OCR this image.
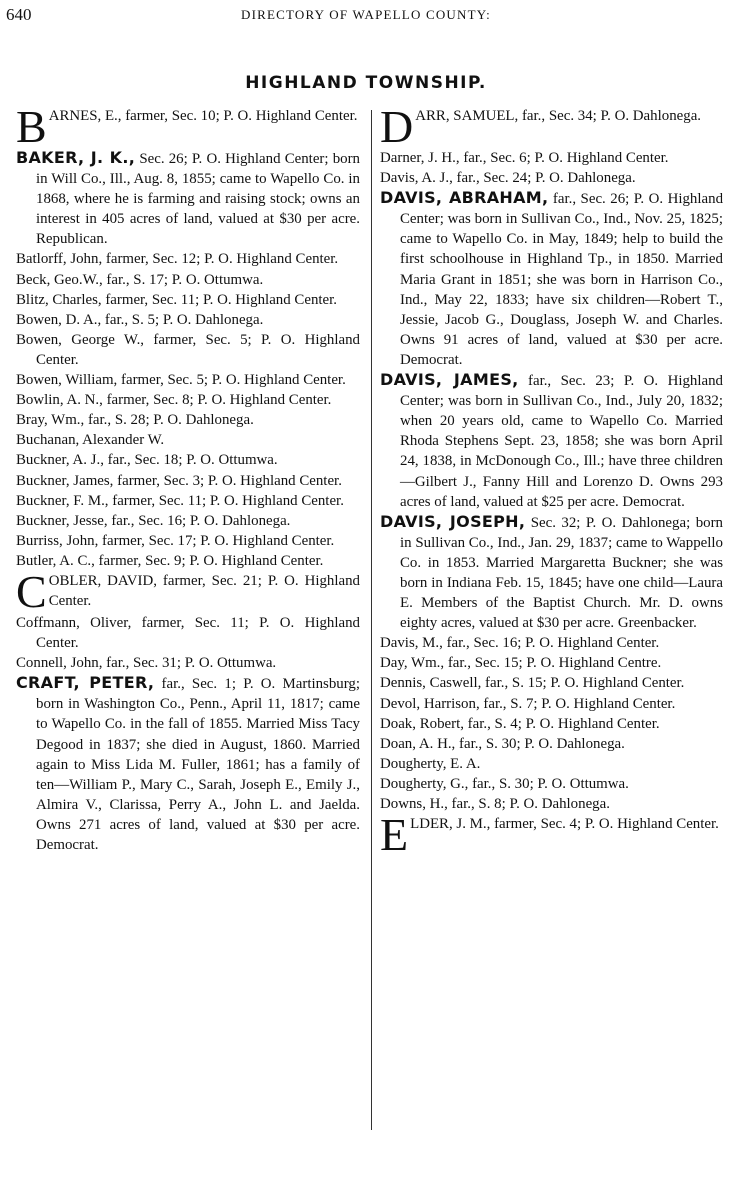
640	DIRECTORY OF WAPELLO COUNTY:
HIGHLAND TOWNSHIP.
B ARNES, E., farmer, Sec. 10; P. O. Highland Center.

BAKER, J. K., Sec. 26; P. O. Highland Center; born in Will Co., Ill., Aug. 8, 1855; came to Wapello Co. in 1868, where he is farming and raising stock; owns an interest in 405 acres of land, valued at $30 per acre. Republican.

Batlorff, John, farmer, Sec. 12; P. O. Highland Center.

Beck, Geo.W., far., S. 17; P. O. Ottumwa.

Blitz, Charles, farmer, Sec. 11; P. O. Highland Center.

Bowen, D. A., far., S. 5; P. O. Dahlonega.

Bowen, George W., farmer, Sec. 5; P. O. Highland Center.

Bowen, William, farmer, Sec. 5; P. O. Highland Center.

Bowlin, A. N., farmer, Sec. 8; P. O. Highland Center.

Bray, Wm., far., S. 28; P. O. Dahlonega.

Buchanan, Alexander W.

Buckner, A. J., far., Sec. 18; P. O. Ottumwa.

Buckner, James, farmer, Sec. 3; P. O. Highland Center.

Buckner, F. M., farmer, Sec. 11; P. O. Highland Center.

Buckner, Jesse, far., Sec. 16; P. O. Dahlonega.

Burriss, John, farmer, Sec. 17; P. O. Highland Center.

Butler, A. C., farmer, Sec. 9; P. O. Highland Center.

C OBLER, DAVID, farmer, Sec. 21; P. O. Highland Center.

Coffmann, Oliver, farmer, Sec. 11; P. O. Highland Center.

Connell, John, far., Sec. 31; P. O. Ottumwa.

CRAFT, PETER, far., Sec. 1; P. O. Martinsburg; born in Washington Co., Penn., April 11, 1817; came to Wapello Co. in the fall of 1855. Married Miss Tacy Degood in 1837; she died in August, 1860. Married again to Miss Lida M. Fuller, 1861; has a family of ten—William P., Mary C., Sarah, Joseph E., Emily J., Almira V., Clarissa, Perry A., John L. and Jaelda. Owns 271 acres of land, valued at $30 per acre. Democrat.

D ARR, SAMUEL, far., Sec. 34; P. O. Dahlonega.

Darner, J. H., far., Sec. 6; P. O. Highland Center.

Davis, A. J., far., Sec. 24; P. O. Dahlonega.

DAVIS, ABRAHAM, far., Sec. 26; P. O. Highland Center; was born in Sullivan Co., Ind., Nov. 25, 1825; came to Wapello Co. in May, 1849; help to build the first schoolhouse in Highland Tp., in 1850. Married Maria Grant in 1851; she was born in Harrison Co., Ind., May 22, 1833; have six children—Robert T., Jessie, Jacob G., Douglass, Joseph W. and Charles. Owns 91 acres of land, valued at $30 per acre. Democrat.

DAVIS, JAMES, far., Sec. 23; P. O. Highland Center; was born in Sullivan Co., Ind., July 20, 1832; when 20 years old, came to Wapello Co. Married Rhoda Stephens Sept. 23, 1858; she was born April 24, 1838, in McDonough Co., Ill.; have three children—Gilbert J., Fanny Hill and Lorenzo D. Owns 293 acres of land, valued at $25 per acre. Democrat.

DAVIS, JOSEPH, Sec. 32; P. O. Dahlonega; born in Sullivan Co., Ind., Jan. 29, 1837; came to Wappello Co. in 1853. Married Margaretta Buckner; she was born in Indiana Feb. 15, 1845; have one child—Laura E. Members of the Baptist Church. Mr. D. owns eighty acres, valued at $30 per acre. Greenbacker.

Davis, M., far., Sec. 16; P. O. Highland Center.

Day, Wm., far., Sec. 15; P. O. Highland Centre.

Dennis, Caswell, far., S. 15; P. O. Highland Center.

Devol, Harrison, far., S. 7; P. O. Highland Center.

Doak, Robert, far., S. 4; P. O. Highland Center.

Doan, A. H., far., S. 30; P. O. Dahlonega.

Dougherty, E. A.

Dougherty, G., far., S. 30; P. O. Ottumwa.

Downs, H., far., S. 8; P. O. Dahlonega.

E LDER, J. M., farmer, Sec. 4; P. O. Highland Center.
